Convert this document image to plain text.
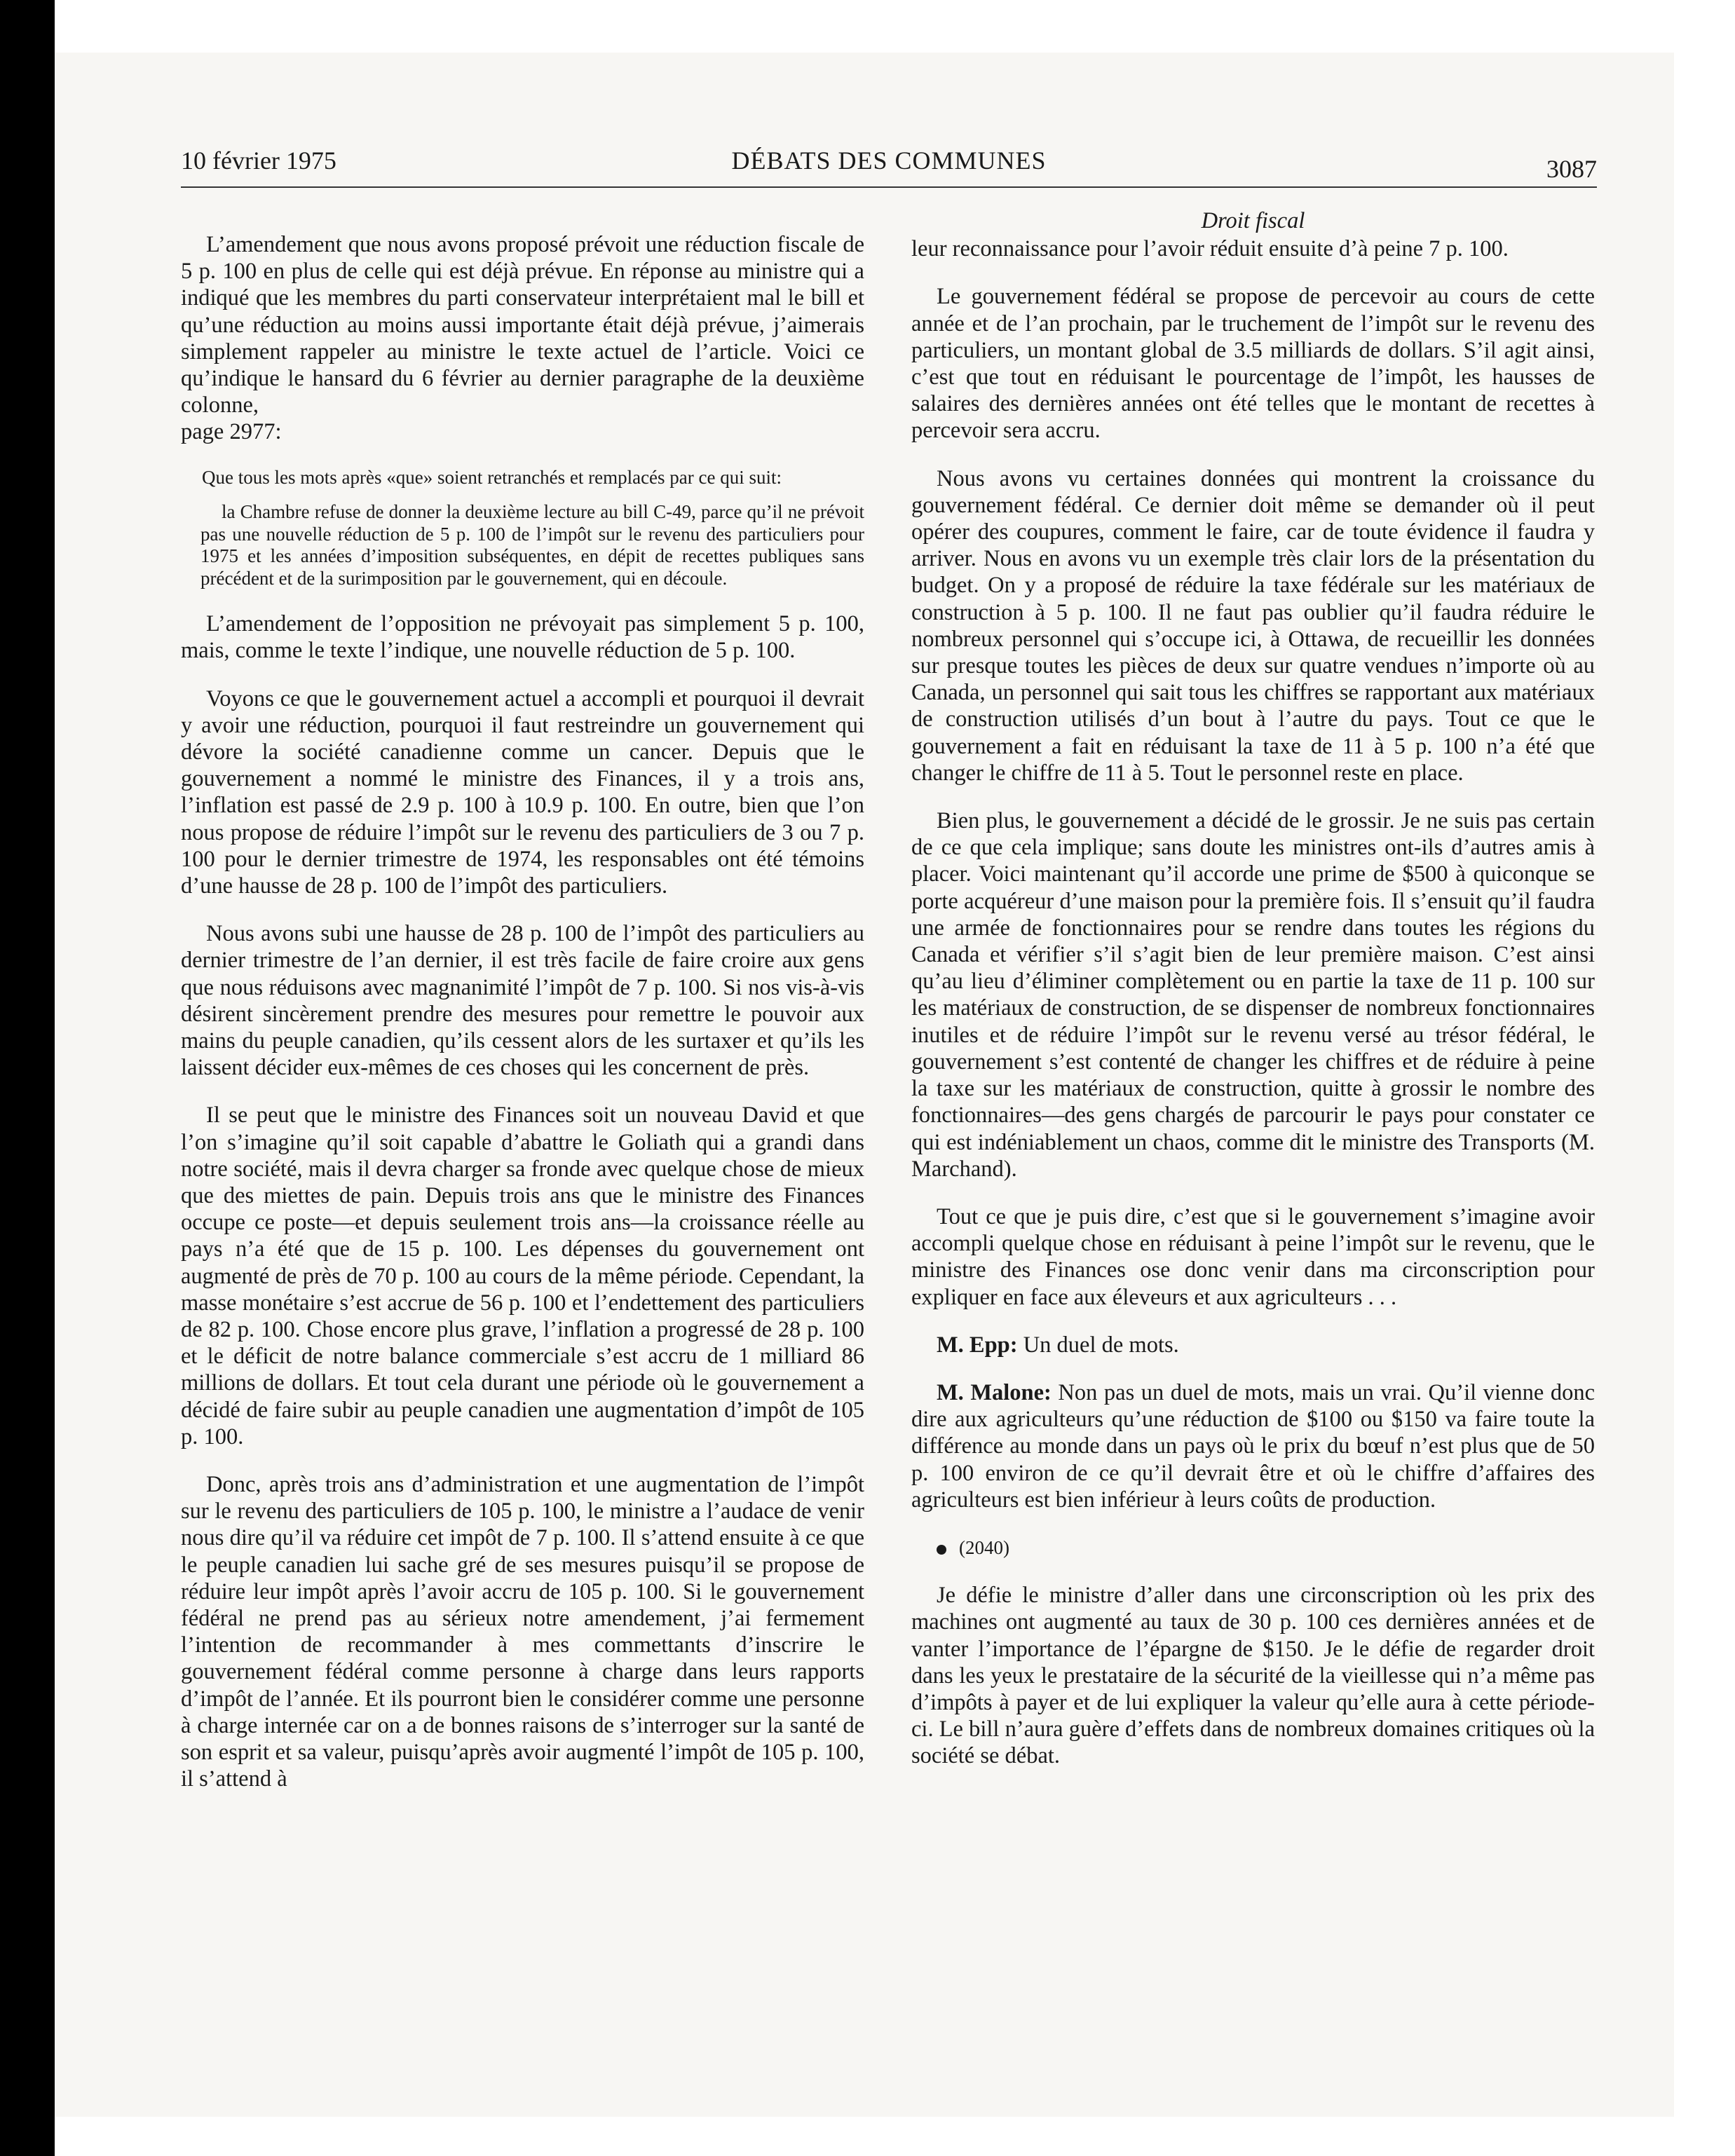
10 février 1975	DÉBATS DES COMMUNES	3087

L’amendement que nous avons proposé prévoit une réduction fiscale de 5 p. 100 en plus de celle qui est déjà prévue. En réponse au ministre qui a indiqué que les membres du parti conservateur interprétaient mal le bill et qu’une réduction au moins aussi importante était déjà prévue, j’aimerais simplement rappeler au ministre le texte actuel de l’article. Voici ce qu’indique le hansard du 6 février au dernier paragraphe de la deuxième colonne,

page 2977:

Que tous les mots après «que» soient retranchés et remplacés par ce qui suit:

la Chambre refuse de donner la deuxième lecture au bill C-49, parce qu’il ne prévoit pas une nouvelle réduction de 5 p. 100 de l’impôt sur le revenu des particuliers pour 1975 et les années d’imposition subséquentes, en dépit de recettes publiques sans précédent et de la surimposition par le gouvernement, qui en découle.

L’amendement de l’opposition ne prévoyait pas simplement 5 p. 100, mais, comme le texte l’indique, une nouvelle réduction de 5 p. 100.

Voyons ce que le gouvernement actuel a accompli et pourquoi il devrait y avoir une réduction, pourquoi il faut restreindre un gouvernement qui dévore la société canadienne comme un cancer. Depuis que le gouvernement a nommé le ministre des Finances, il y a trois ans, l’inflation est passé de 2.9 p. 100 à 10.9 p. 100. En outre, bien que l’on nous propose de réduire l’impôt sur le revenu des particuliers de 3 ou 7 p. 100 pour le dernier trimestre de 1974, les responsables ont été témoins d’une hausse de 28 p. 100 de l’impôt des particuliers.

Nous avons subi une hausse de 28 p. 100 de l’impôt des particuliers au dernier trimestre de l’an dernier, il est très facile de faire croire aux gens que nous réduisons avec magnanimité l’impôt de 7 p. 100. Si nos vis-à-vis désirent sincèrement prendre des mesures pour remettre le pouvoir aux mains du peuple canadien, qu’ils cessent alors de les surtaxer et qu’ils les laissent décider eux-mêmes de ces choses qui les concernent de près.

Il se peut que le ministre des Finances soit un nouveau David et que l’on s’imagine qu’il soit capable d’abattre le Goliath qui a grandi dans notre société, mais il devra charger sa fronde avec quelque chose de mieux que des miettes de pain. Depuis trois ans que le ministre des Finances occupe ce poste—et depuis seulement trois ans—la croissance réelle au pays n’a été que de 15 p. 100. Les dépenses du gouvernement ont augmenté de près de 70 p. 100 au cours de la même période. Cependant, la masse monétaire s’est accrue de 56 p. 100 et l’endettement des particuliers de 82 p. 100. Chose encore plus grave, l’inflation a progressé de 28 p. 100 et le déficit de notre balance commerciale s’est accru de 1 milliard 86 millions de dollars. Et tout cela durant une période où le gouvernement a décidé de faire subir au peuple canadien une augmentation d’impôt de 105 p. 100.

Donc, après trois ans d’administration et une augmentation de l’impôt sur le revenu des particuliers de 105 p. 100, le ministre a l’audace de venir nous dire qu’il va réduire cet impôt de 7 p. 100. Il s’attend ensuite à ce que le peuple canadien lui sache gré de ses mesures puisqu’il se propose de réduire leur impôt après l’avoir accru de 105 p. 100. Si le gouvernement fédéral ne prend pas au sérieux notre amendement, j’ai fermement l’intention de recommander à mes commettants d’inscrire le gouvernement fédéral comme personne à charge dans leurs rapports d’impôt de l’année. Et ils pourront bien le considérer comme une personne à charge internée car on a de bonnes raisons de s’interroger sur la santé de son esprit et sa valeur, puisqu’après avoir augmenté l’impôt de 105 p. 100, il s’attend à

Droit fiscal

leur reconnaissance pour l’avoir réduit ensuite d’à peine 7 p. 100.

Le gouvernement fédéral se propose de percevoir au cours de cette année et de l’an prochain, par le truchement de l’impôt sur le revenu des particuliers, un montant global de 3.5 milliards de dollars. S’il agit ainsi, c’est que tout en réduisant le pourcentage de l’impôt, les hausses de salaires des dernières années ont été telles que le montant de recettes à percevoir sera accru.

Nous avons vu certaines données qui montrent la croissance du gouvernement fédéral. Ce dernier doit même se demander où il peut opérer des coupures, comment le faire, car de toute évidence il faudra y arriver. Nous en avons vu un exemple très clair lors de la présentation du budget. On y a proposé de réduire la taxe fédérale sur les matériaux de construction à 5 p. 100. Il ne faut pas oublier qu’il faudra réduire le nombreux personnel qui s’occupe ici, à Ottawa, de recueillir les données sur presque toutes les pièces de deux sur quatre vendues n’importe où au Canada, un personnel qui sait tous les chiffres se rapportant aux matériaux de construction utilisés d’un bout à l’autre du pays. Tout ce que le gouvernement a fait en réduisant la taxe de 11 à 5 p. 100 n’a été que changer le chiffre de 11 à 5. Tout le personnel reste en place.

Bien plus, le gouvernement a décidé de le grossir. Je ne suis pas certain de ce que cela implique; sans doute les ministres ont-ils d’autres amis à placer. Voici maintenant qu’il accorde une prime de $500 à quiconque se porte acquéreur d’une maison pour la première fois. Il s’ensuit qu’il faudra une armée de fonctionnaires pour se rendre dans toutes les régions du Canada et vérifier s’il s’agit bien de leur première maison. C’est ainsi qu’au lieu d’éliminer complètement ou en partie la taxe de 11 p. 100 sur les matériaux de construction, de se dispenser de nombreux fonctionnaires inutiles et de réduire l’impôt sur le revenu versé au trésor fédéral, le gouvernement s’est contenté de changer les chiffres et de réduire à peine la taxe sur les matériaux de construction, quitte à grossir le nombre des fonctionnaires—des gens chargés de parcourir le pays pour constater ce qui est indéniablement un chaos, comme dit le ministre des Transports (M. Marchand).

Tout ce que je puis dire, c’est que si le gouvernement s’imagine avoir accompli quelque chose en réduisant à peine l’impôt sur le revenu, que le ministre des Finances ose donc venir dans ma circonscription pour expliquer en face aux éleveurs et aux agriculteurs . . .

M. Epp: Un duel de mots.

M. Malone: Non pas un duel de mots, mais un vrai. Qu’il vienne donc dire aux agriculteurs qu’une réduction de $100 ou $150 va faire toute la différence au monde dans un pays où le prix du bœuf n’est plus que de 50 p. 100 environ de ce qu’il devrait être et où le chiffre d’affaires des agriculteurs est bien inférieur à leurs coûts de production.

(2040)

Je défie le ministre d’aller dans une circonscription où les prix des machines ont augmenté au taux de 30 p. 100 ces dernières années et de vanter l’importance de l’épargne de $150. Je le défie de regarder droit dans les yeux le prestataire de la sécurité de la vieillesse qui n’a même pas d’impôts à payer et de lui expliquer la valeur qu’elle aura à cette période-ci. Le bill n’aura guère d’effets dans de nombreux domaines critiques où la société se débat.
